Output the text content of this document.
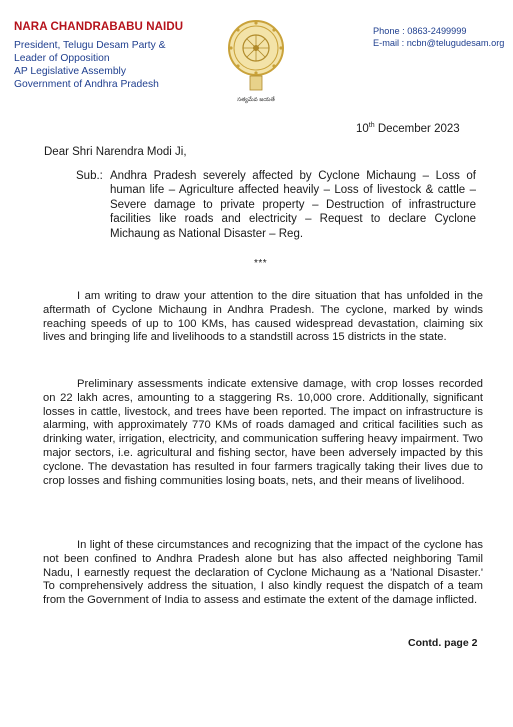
NARA CHANDRABABU NAIDU

President, Telugu Desam Party &

Leader of Opposition

AP Legislative Assembly

Government of Andhra Pradesh

సత్యమేవ జయతే
Phone : 0863-2499999
E-mail : ncbn@telugudesam.org
10th December 2023
Dear Shri Narendra Modi Ji,
Sub.: Andhra Pradesh severely affected by Cyclone Michaung – Loss of human life – Agriculture affected heavily – Loss of livestock & cattle – Severe damage to private property – Destruction of infrastructure facilities like roads and electricity – Request to declare Cyclone Michaung as National Disaster – Reg.
***

I am writing to draw your attention to the dire situation that has unfolded in the aftermath of Cyclone Michaung in Andhra Pradesh. The cyclone, marked by winds reaching speeds of up to 100 KMs, has caused widespread devastation, claiming six lives and bringing life and livelihoods to a standstill across 15 districts in the state.

Preliminary assessments indicate extensive damage, with crop losses recorded on 22 lakh acres, amounting to a staggering Rs. 10,000 crore. Additionally, significant losses in cattle, livestock, and trees have been reported. The impact on infrastructure is alarming, with approximately 770 KMs of roads damaged and critical facilities such as drinking water, irrigation, electricity, and communication suffering heavy impairment. Two major sectors, i.e. agricultural and fishing sector, have been adversely impacted by this cyclone. The devastation has resulted in four farmers tragically taking their lives due to crop losses and fishing communities losing boats, nets, and their means of livelihood.

In light of these circumstances and recognizing that the impact of the cyclone has not been confined to Andhra Pradesh alone but has also affected neighboring Tamil Nadu, I earnestly request the declaration of Cyclone Michaung as a 'National Disaster.' To comprehensively address the situation, I also kindly request the dispatch of a team from the Government of India to assess and estimate the extent of the damage inflicted.

Contd. page 2
